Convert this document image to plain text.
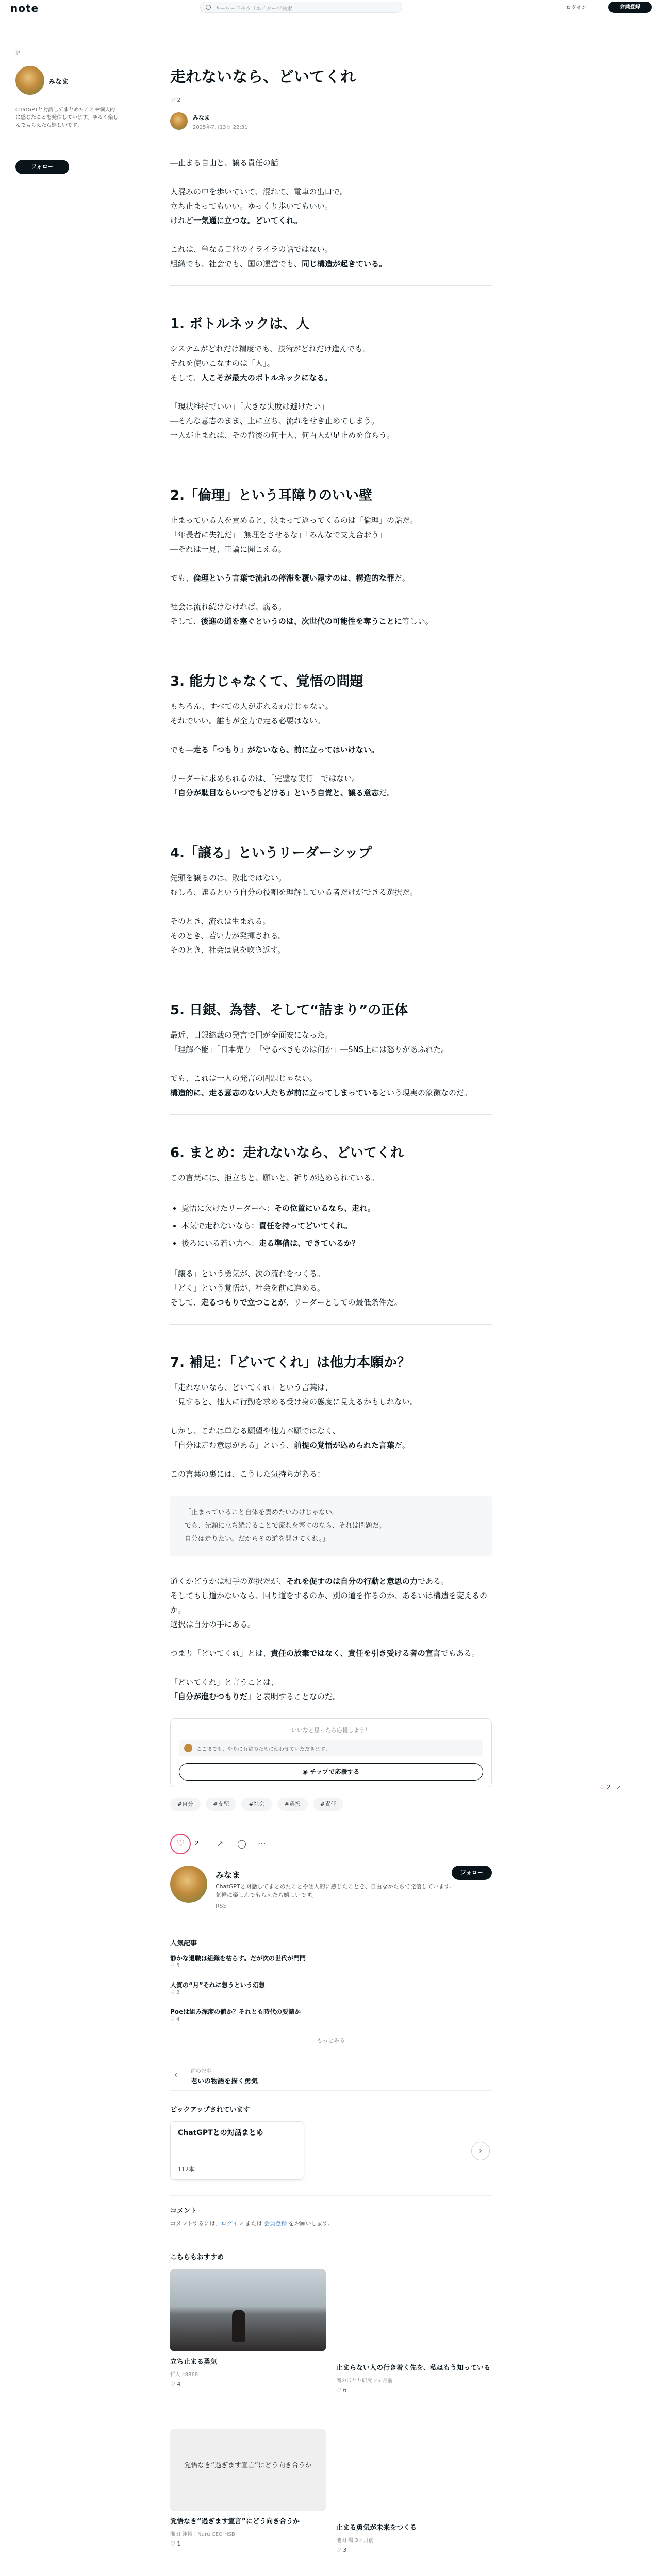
note	キーワードやクリエイターで検索	ログイン	会員登録
記
みなま
ChatGPTと対話してまとめたことや個人的に感じたことを発信しています。ゆるく楽しんでもらえたら嬉しいです。
フォロー
走れないなら、どいてくれ
♡ 2
みなま
2025年7月13日 22:31
―止まる自由と、譲る責任の話
人混みの中を歩いていて、混れて、電車の出口で。
立ち止まってもいい。ゆっくり歩いてもいい。
けれど一気通に立つな。どいてくれ。
これは、単なる日常のイライラの話ではない。
組織でも、社会でも、国の運営でも、同じ構造が起きている。
1. ボトルネックは、人
システムがどれだけ精度でも、技術がどれだけ進んでも。
それを使いこなすのは「人」。
そして、人こそが最大のボトルネックになる。
「現状維持でいい」「大きな失敗は避けたい」
―そんな意志のまま、上に立ち、流れをせき止めてしまう。
一人が止まれば、その背後の何十人、何百人が足止めを食らう。
2.「倫理」という耳障りのいい壁
止まっている人を責めると、決まって返ってくるのは「倫理」の話だ。
「年長者に失礼だ」「無理をさせるな」「みんなで支え合おう」
―それは一見、正論に聞こえる。
でも、倫理という言葉で流れの停滞を覆い隠すのは、構造的な罪だ。
社会は流れ続けなければ、腐る。
そして、後進の道を塞ぐというのは、次世代の可能性を奪うことに等しい。
3. 能力じゃなくて、覚悟の問題
もちろん、すべての人が走れるわけじゃない。
それでいい。誰もが全力で走る必要はない。
でも―走る「つもり」がないなら、前に立ってはいけない。
リーダーに求められるのは、「完璧な実行」ではない。
「自分が駄目ならいつでもどける」という自覚と、譲る意志だ。
4.「譲る」というリーダーシップ
先頭を譲るのは、敗北ではない。
むしろ、譲るという自分の役割を理解している者だけができる選択だ。
そのとき、流れは生まれる。
そのとき、若い力が発揮される。
そのとき、社会は息を吹き返す。
5. 日銀、為替、そして“詰まり”の正体
最近、日銀総裁の発言で円が全面安になった。
「理解不能」「日本売り」「守るべきものは何か」―SNS上には怒りがあふれた。
でも、これは一人の発言の問題じゃない。
構造的に、走る意志のない人たちが前に立ってしまっているという現実の象徴なのだ。
6. まとめ：走れないなら、どいてくれ
この言葉には、拒立ちと、願いと、祈りが込められている。
• 覚悟に欠けたリーダーへ：その位置にいるなら、走れ。
• 本気で走れないなら：責任を持ってどいてくれ。
• 後ろにいる若い力へ：走る準備は、できているか？
「譲る」という勇気が、次の流れをつくる。
「どく」という覚悟が、社会を前に進める。
そして、走るつもりで立つことが、リーダーとしての最低条件だ。
7. 補足：「どいてくれ」は他力本願か？
「走れないなら、どいてくれ」という言葉は、
一見すると、他人に行動を求める受け身の態度に見えるかもしれない。
しかし、これは単なる願望や他力本願ではなく、
「自分は走む意思がある」という、前提の覚悟が込められた言葉だ。
この言葉の裏には、こうした気持ちがある：
「止まっていること自体を責めたいわけじゃない。
でも、先頭に立ち続けることで流れを塞ぐのなら、それは問題だ。
自分は走りたい。だからその道を開けてくれ。」
道くかどうかは相手の選択だが、それを促すのは自分の行動と意思の力である。
そしてもし道かないなら、回り道をするのか、別の道を作るのか、あるいは構造を変えるのか。
選択は自分の手にある。
つまり「どいてくれ」とは、責任の放棄ではなく、責任を引き受ける者の宣言でもある。
「どいてくれ」と言うことは、
「自分が進むつもりだ」と表明することなのだ。
いいなと思ったら応援しよう！
ここまでも、やりに有益のために使わせていただきます。
◉ チップで応援する
#自分	#支配	#社会	#選択	#責任
♡	2 ↗ ◯ ⋯
みなま
ChatGPTと対話してまとめたことや個人的に感じたことを、自由なかたちで発信しています。気軽に楽しんでもらえたら嬉しいです。
フォロー
RSS
人気記事
静かな退職は組織を枯らす。だが次の世代が門門
♡ 5
人質の“月”それに想うという幻想
♡ 3
Poeは組み深度の値か？それとも時代の要請か
♡ 4
もっとみる
‹	前の記事
老いの物語を描く勇気
ピックアップされています
ChatGPTとの対話まとめ
112本
›
コメント
コメントするには、ログイン または 会員登録 をお願いします。
こちらもおすすめ
立ち止まる勇気
哲人 c8868
♡ 4
止まらない人の行き着く先を、私はもう知っている
湖のほとり研究 2ヶ月前
♡ 6
覚悟なき“過ぎます宣言”にどう向き合うか
覚悟なき“過ぎます宣言”にどう向き合うか
湘田 純輔｜Nuru CEO·HSB
♡ 1
止まる勇気が未来をつくる
池田 陽 3ヶ月前
♡ 3
♡ 2 ↗
